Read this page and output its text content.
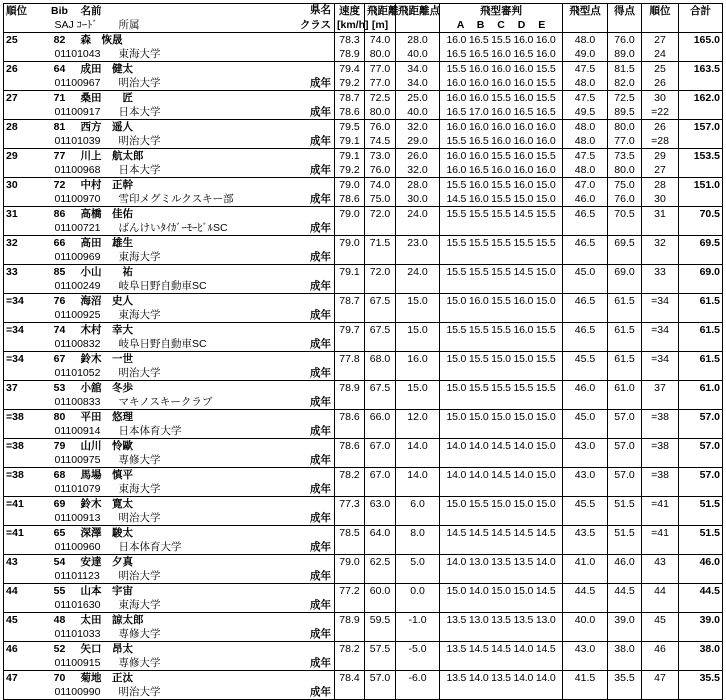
順位	Bib	名前 県名	速度	飛距離	飛距離点	飛型審判	飛型点	得点	順位	合計
	SAJ ｺｰﾄﾞ 所属 クラス		[km/h]	[m]		A B C D E				
25	82	森　恢晟	78.3	74.0	28.0	16.0 16.5 15.5 16.0 16.0	48.0	76.0	27	165.0
	01101043 東海大学		78.9	80.0	40.0	16.5 16.5 16.0 16.5 16.0	49.0	89.0	24	
26	64	成田　健太	79.4	77.0	34.0	15.5 16.0 16.0 16.0 15.5	47.5	81.5	25	163.5
	01100967 明治大学 成年		79.2	77.0	34.0	16.0 16.0 16.0 16.0 15.5	48.0	82.0	26	
27	71	桑田　　匠	78.7	72.5	25.0	16.0 16.0 15.5 16.0 15.5	47.5	72.5	30	162.0
	01100917 日本大学 成年		78.6	80.0	40.0	16.5 17.0 16.0 16.5 16.5	49.5	89.5	=22	
28	81	西方　遥人	79.5	76.0	32.0	16.0 16.0 16.0 16.0 16.0	48.0	80.0	26	157.0
	01101039 明治大学 成年		79.1	74.5	29.0	15.5 16.5 16.0 16.0 16.0	48.0	77.0	=28	
29	77	川上　航太郎	79.1	73.0	26.0	16.0 16.0 15.5 16.0 15.5	47.5	73.5	29	153.5
	01100968 日本大学 成年		79.2	76.0	32.0	16.0 16.5 16.0 16.0 16.0	48.0	80.0	27	
30	72	中村　正幹	79.0	74.0	28.0	15.5 16.0 15.5 16.0 15.0	47.0	75.0	28	151.0
	01100970 雪印メグミルクスキー部 成年		78.6	75.0	30.0	14.5 16.0 15.5 15.0 15.0	46.0	76.0	30	
31	86	高橋　佳佑	79.0	72.0	24.0	15.5 15.5 15.5 14.5 15.5	46.5	70.5	31	70.5
	01100721 ばんけいﾀｲｶﾞｰﾓｰﾋﾞﾙSC 成年									

32	66	高田　雄生	79.0	71.5	23.0	15.5 15.5 15.5 15.5 15.5	46.5	69.5	32	69.5
	01100969 東海大学 成年									

33	85	小山　　祐	79.1	72.0	24.0	15.5 15.5 15.5 14.5 15.0	45.0	69.0	33	69.0
	01100249 岐阜日野自動車SC 成年									

=34	76	海沼　史人	78.7	67.5	15.0	15.0 16.0 15.5 16.0 15.0	46.5	61.5	=34	61.5
	01100925 東海大学 成年									

=34	74	木村　幸大	79.7	67.5	15.0	15.5 15.5 15.5 16.0 15.5	46.5	61.5	=34	61.5
	01100832 岐阜日野自動車SC 成年									

=34	67	鈴木　一世	77.8	68.0	16.0	15.0 15.5 15.0 15.0 15.5	45.5	61.5	=34	61.5
	01101052 明治大学 成年									

37	53	小舘　冬歩	78.9	67.5	15.0	15.0 15.5 15.5 15.5 15.5	46.0	61.0	37	61.0
	01100833 マキノスキークラブ 成年									

=38	80	平田　悠理	78.6	66.0	12.0	15.0 15.0 15.0 15.0 15.0	45.0	57.0	=38	57.0
	01100914 日本体育大学 成年									

=38	79	山川　怜歐	78.6	67.0	14.0	14.0 14.0 14.5 14.0 15.0	43.0	57.0	=38	57.0
	01100975 専修大学 成年									

=38	68	馬場　慎平	78.2	67.0	14.0	14.0 14.0 14.5 14.0 15.0	43.0	57.0	=38	57.0
	01101079 東海大学 成年									

=41	69	鈴木　寛太	77.3	63.0	6.0	15.0 15.5 15.0 15.0 15.0	45.5	51.5	=41	51.5
	01100913 明治大学 成年									

=41	65	深澤　駿太	78.5	64.0	8.0	14.5 14.5 14.5 14.5 14.5	43.5	51.5	=41	51.5
	01100960 日本体育大学 成年									

43	54	安達　夕真	79.0	62.5	5.0	14.0 13.0 13.5 13.5 14.0	41.0	46.0	43	46.0
	01101123 明治大学 成年									

44	55	山本　宇宙	77.2	60.0	0.0	15.0 14.0 15.0 15.0 14.5	44.5	44.5	44	44.5
	01101630 東海大学 成年									

45	48	太田　諒太郎	78.9	59.5	-1.0	13.5 13.0 13.5 13.5 13.0	40.0	39.0	45	39.0
	01101033 専修大学 成年									

46	52	矢口　昂太	78.2	57.5	-5.0	13.5 14.5 14.5 14.0 14.5	43.0	38.0	46	38.0
	01100915 専修大学 成年									

47	70	菊地　正汰	78.4	57.0	-6.0	13.5 14.0 13.5 14.0 14.0	41.5	35.5	47	35.5
	01100990 明治大学 成年									
